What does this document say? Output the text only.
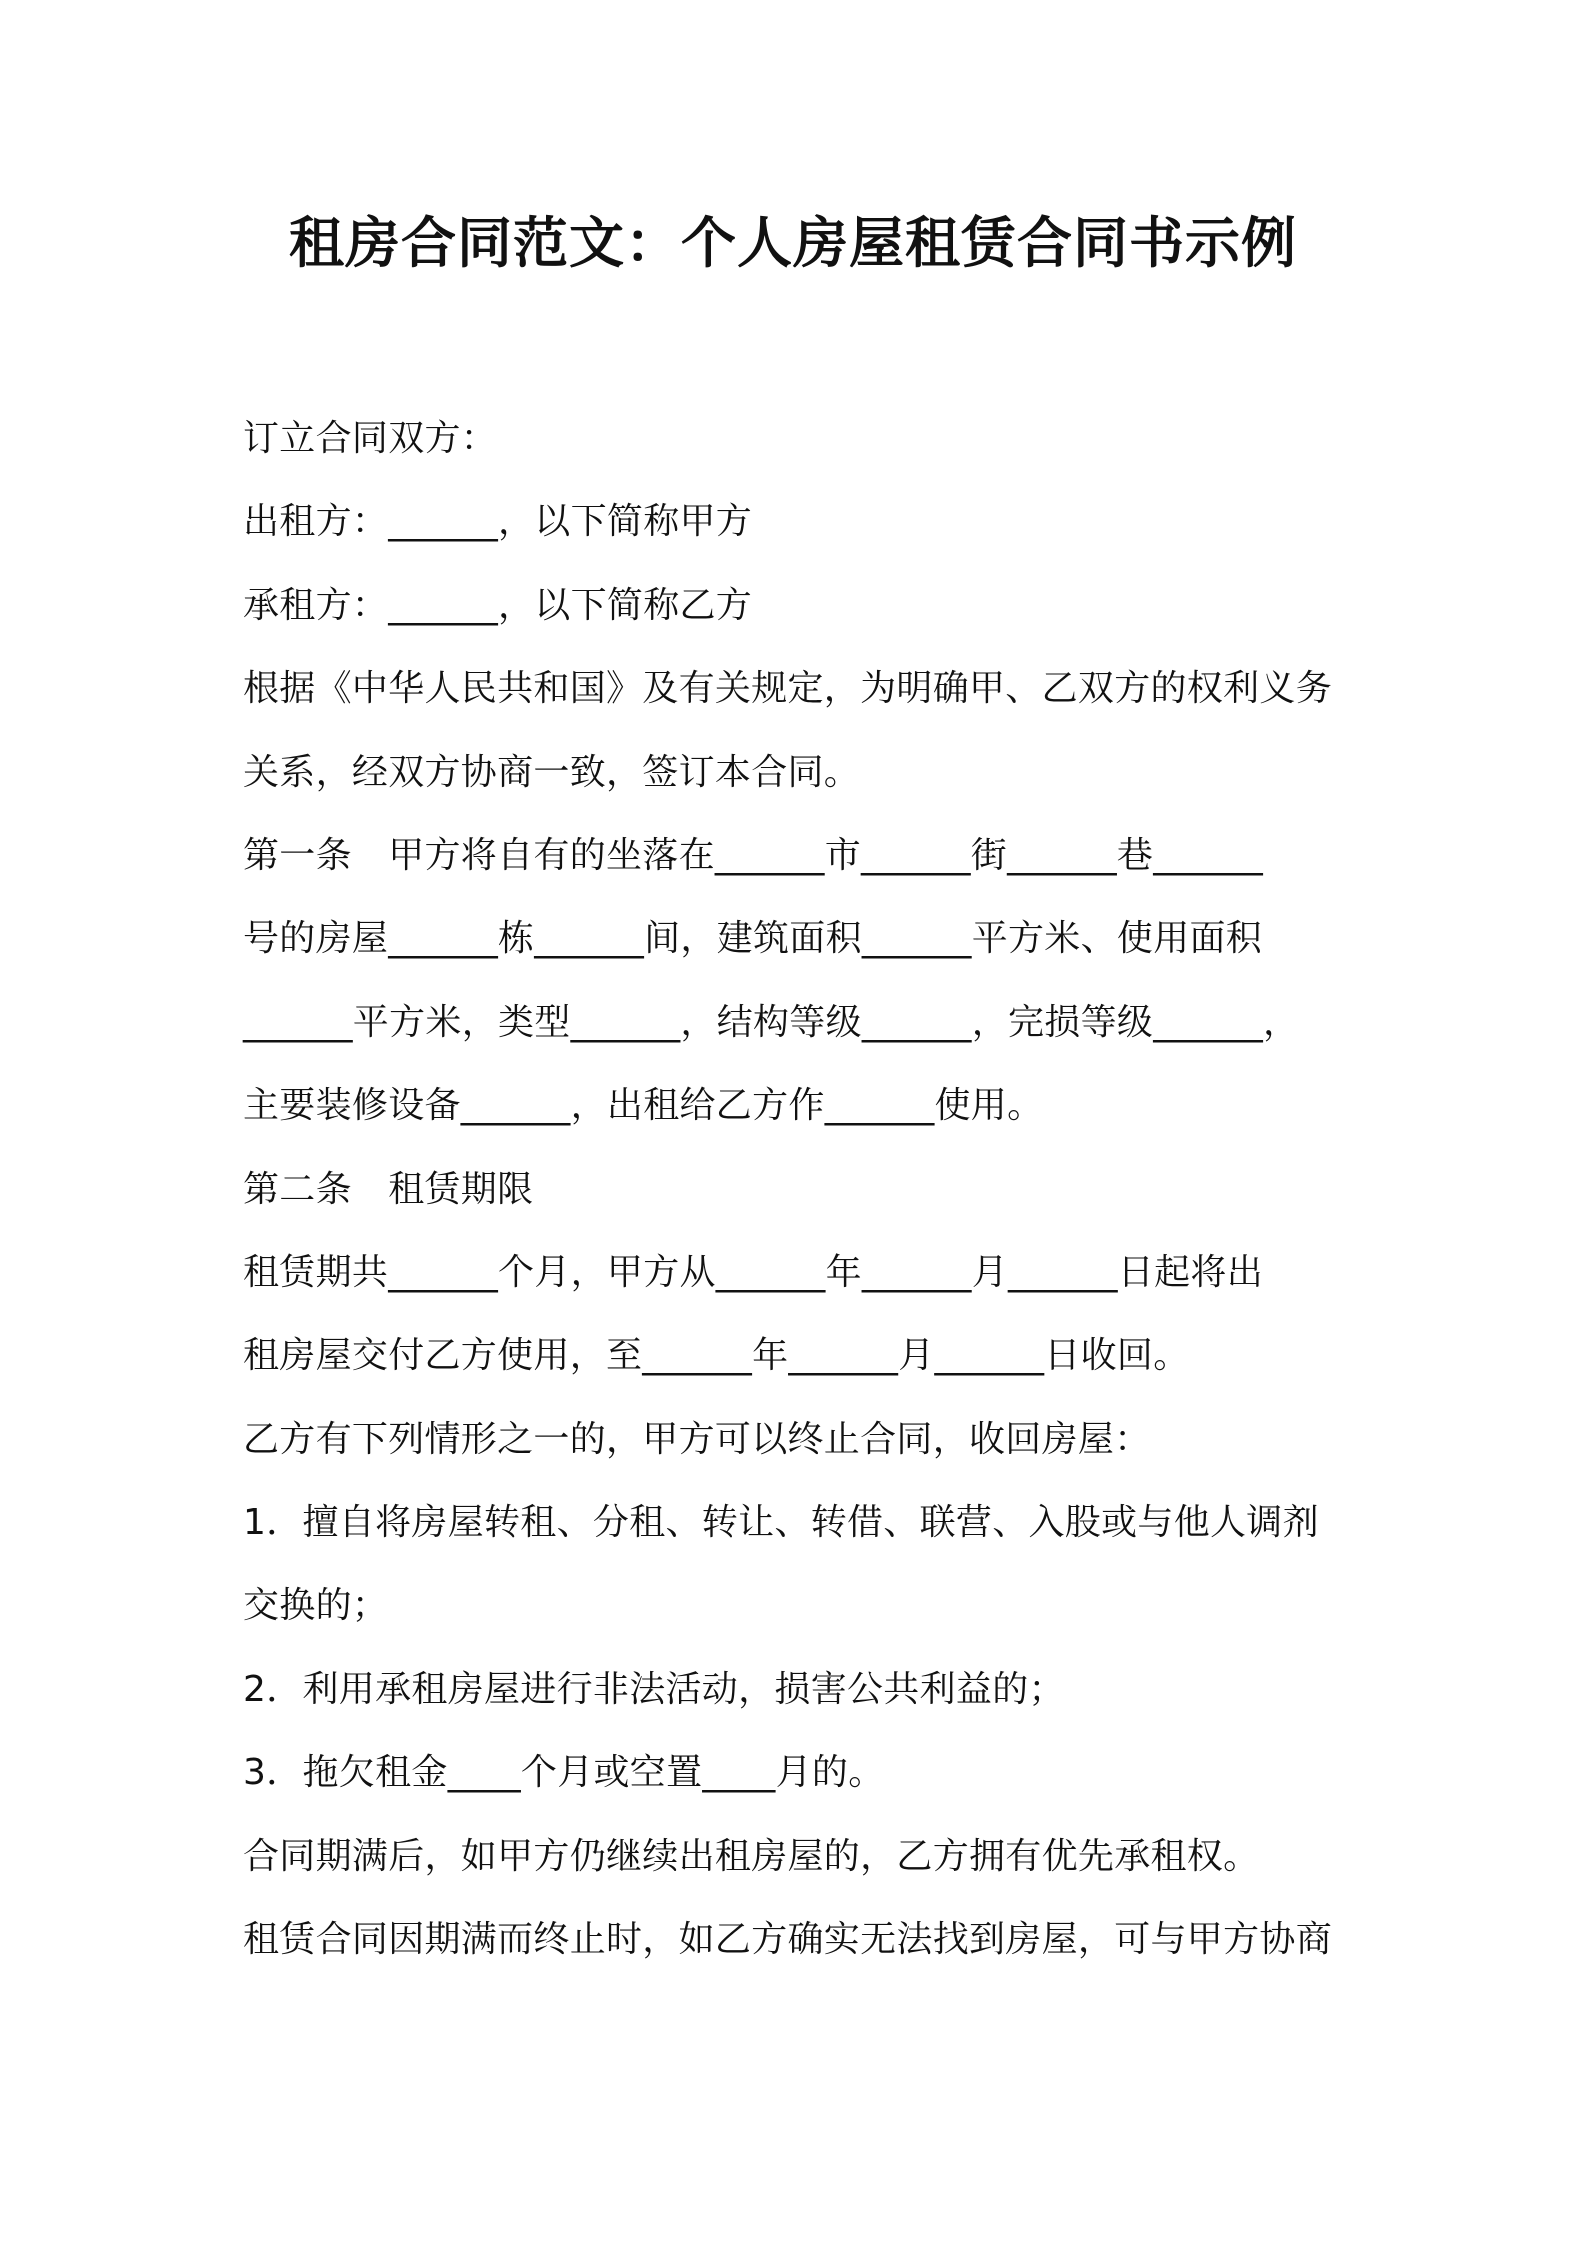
租房合同范文：个人房屋租赁合同书示例
订立合同双方：
出租方：______，以下简称甲方
承租方：______，以下简称乙方
根据《中华人民共和国》及有关规定，为明确甲、乙双方的权利义务
关系，经双方协商一致，签订本合同。
第一条　甲方将自有的坐落在______市______街______巷______
号的房屋______栋______间，建筑面积______平方米、使用面积
______平方米，类型______，结构等级______，完损等级______，
主要装修设备______，出租给乙方作______使用。
第二条　租赁期限
租赁期共______个月，甲方从______年______月______日起将出
租房屋交付乙方使用，至______年______月______日收回。
乙方有下列情形之一的，甲方可以终止合同，收回房屋：
1．擅自将房屋转租、分租、转让、转借、联营、入股或与他人调剂
交换的；
2．利用承租房屋进行非法活动，损害公共利益的；
3．拖欠租金____个月或空置____月的。
合同期满后，如甲方仍继续出租房屋的，乙方拥有优先承租权。
租赁合同因期满而终止时，如乙方确实无法找到房屋，可与甲方协商
